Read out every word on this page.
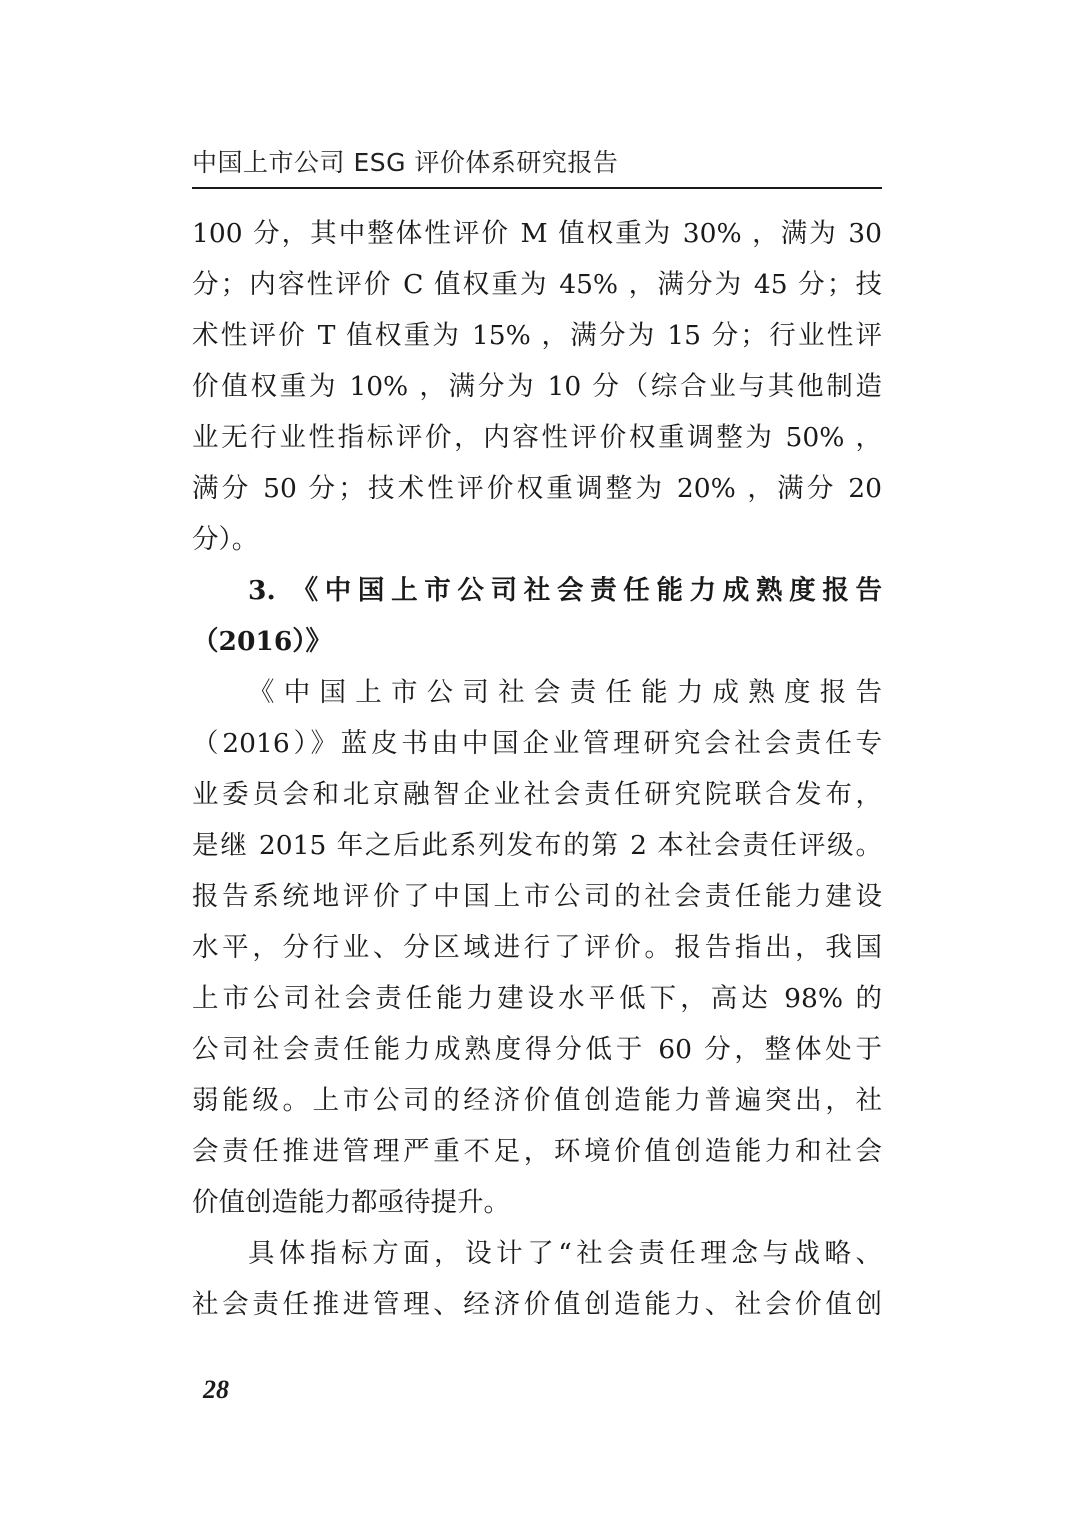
中国上市公司 ESG 评价体系研究报告
100 分，其中整体性评价 M 值权重为 30% ，满为 30
分；内容性评价 C 值权重为 45% ，满分为 45 分；技
术性评价 T 值权重为 15% ，满分为 15 分；行业性评
价值权重为 10% ，满分为 10 分（综合业与其他制造
业无行业性指标评价，内容性评价权重调整为 50% ，
满分 50 分；技术性评价权重调整为 20% ，满分 20
分）。
3. 《中国上市公司社会责任能力成熟度报告
（2016）》
《中国上市公司社会责任能力成熟度报告
（2016）》蓝皮书由中国企业管理研究会社会责任专
业委员会和北京融智企业社会责任研究院联合发布，
是继 2015 年之后此系列发布的第 2 本社会责任评级。
报告系统地评价了中国上市公司的社会责任能力建设
水平，分行业、分区域进行了评价。报告指出，我国
上市公司社会责任能力建设水平低下，高达 98% 的
公司社会责任能力成熟度得分低于 60 分，整体处于
弱能级。上市公司的经济价值创造能力普遍突出，社
会责任推进管理严重不足，环境价值创造能力和社会
价值创造能力都亟待提升。
具体指标方面，设计了“社会责任理念与战略、
社会责任推进管理、经济价值创造能力、社会价值创
28
